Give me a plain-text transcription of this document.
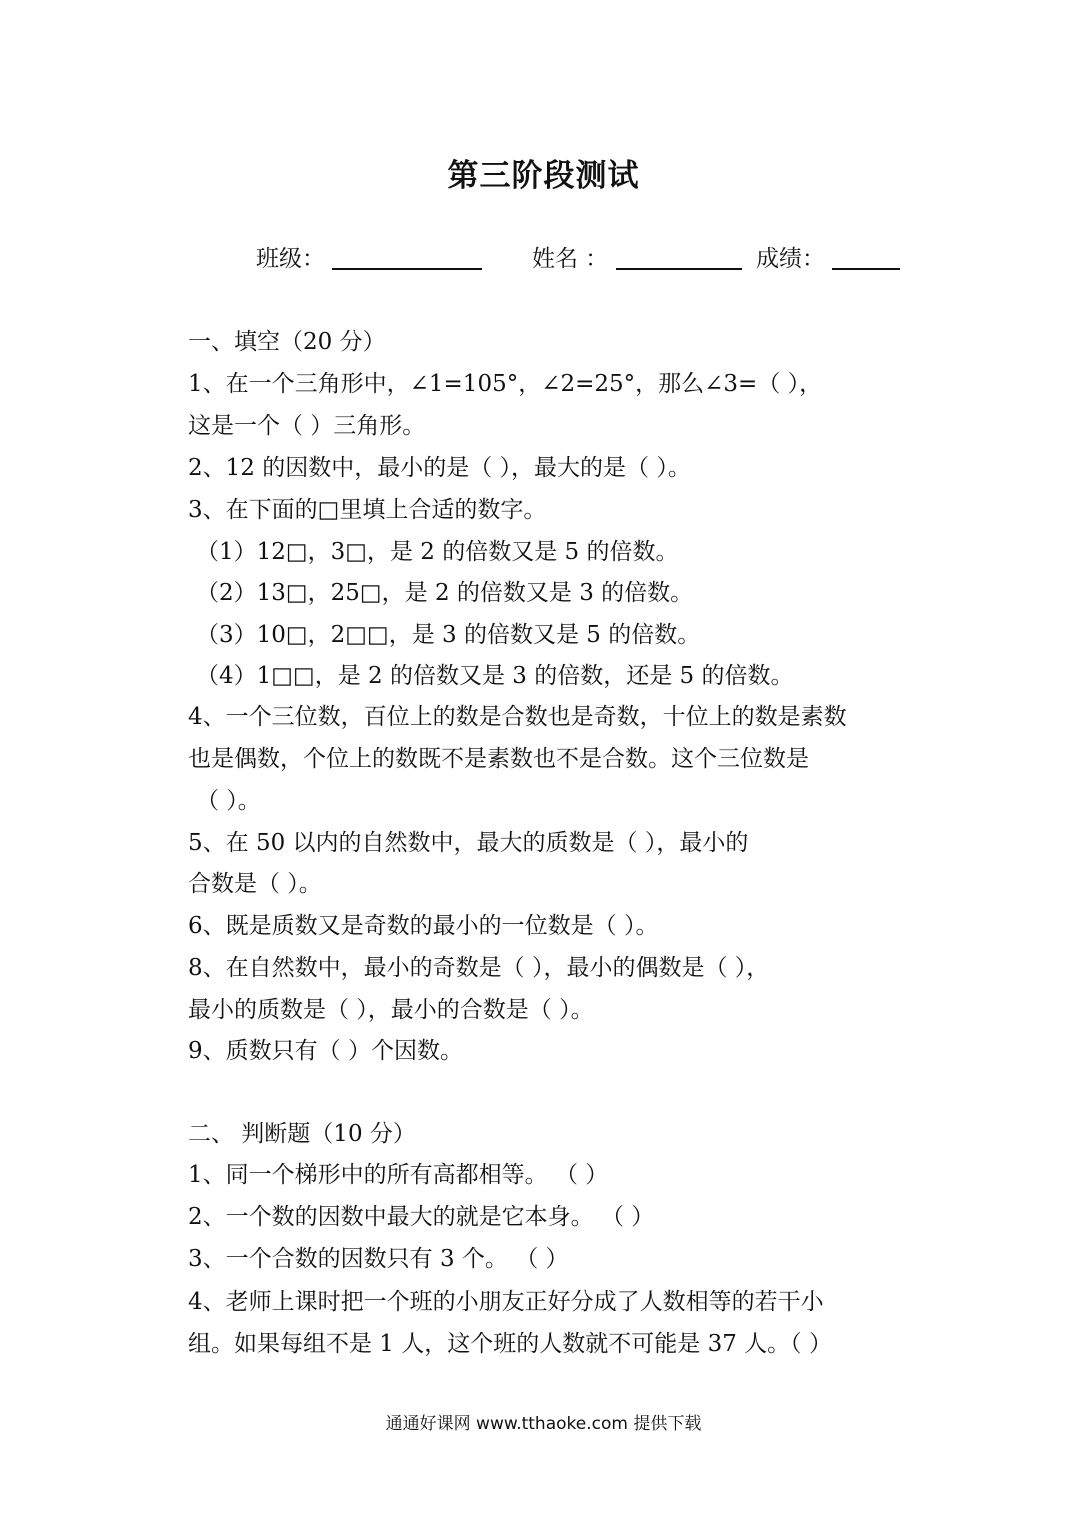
第三阶段测试
班级：	姓名 ：	成绩：
一、填空（20 分）
1、在一个三角形中，∠1=105°，∠2=25°，那么∠3=（ ），
这是一个（ ）三角形。
2、12 的因数中，最小的是（ ），最大的是（ ）。
3、在下面的□里填上合适的数字。
（1）12□，3□，是 2 的倍数又是 5 的倍数。
（2）13□，25□，是 2 的倍数又是 3 的倍数。
（3）10□，2□□，是 3 的倍数又是 5 的倍数。
（4）1□□，是 2 的倍数又是 3 的倍数，还是 5 的倍数。
4、一个三位数，百位上的数是合数也是奇数，十位上的数是素数
也是偶数，个位上的数既不是素数也不是合数。这个三位数是
（ ）。
5、在 50 以内的自然数中，最大的质数是（ ），最小的
合数是（ ）。
6、既是质数又是奇数的最小的一位数是（ ）。
8、在自然数中，最小的奇数是（ ），最小的偶数是（ ），
最小的质数是（ ），最小的合数是（ ）。
9、质数只有（ ）个因数。
二、 判断题（10 分）
1、同一个梯形中的所有高都相等。 （ ）
2、一个数的因数中最大的就是它本身。 （ ）
3、一个合数的因数只有 3 个。 （ ）
4、老师上课时把一个班的小朋友正好分成了人数相等的若干小
组。如果每组不是 1 人，这个班的人数就不可能是 37 人。（ ）
通通好课网 www.tthaoke.com 提供下载
